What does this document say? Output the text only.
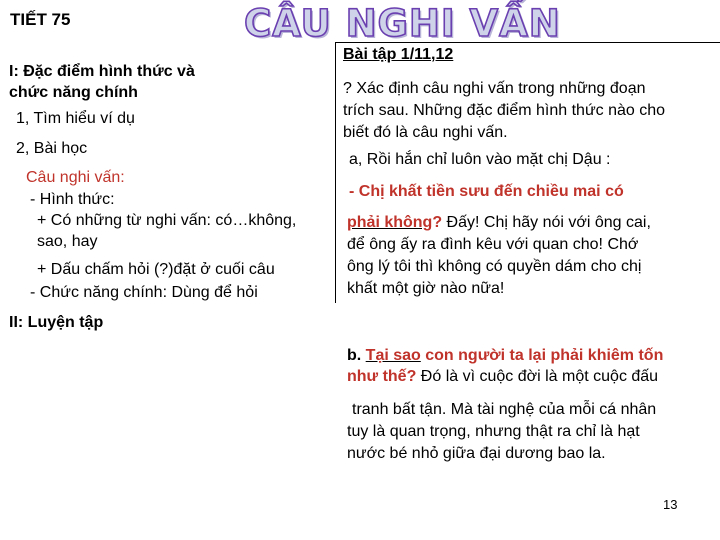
TIẾT 75	CÂU NGHI VẤN
I: Đặc điểm hình thức và
chức năng chính
1, Tìm hiểu ví dụ
2, Bài học
Câu nghi vấn:
- Hình thức:
+ Có những từ nghi vấn: có…không,
sao, hay
+ Dấu chấm hỏi (?)đặt ở cuối câu
- Chức năng chính: Dùng để hỏi
II: Luyện tập
Bài tập 1/11,12
? Xác định câu nghi vấn trong những đoạn
trích sau. Những đặc điểm hình thức nào cho
biết đó là câu nghi vấn.
a, Rồi hắn chỉ luôn vào mặt chị Dậu :
- Chị khất tiền sưu đến chiều mai có
phải không? Đấy! Chị hãy nói với ông cai,
để ông ấy ra đình kêu với quan cho! Chớ
ông lý tôi thì không có quyền dám cho chị
khất một giờ nào nữa!
b. Tại sao con người ta lại phải khiêm tốn
như thế? Đó là vì cuộc đời là một cuộc đấu
tranh bất tận. Mà tài nghệ của mỗi cá nhân
tuy là quan trọng, nhưng thật ra chỉ là hạt
nước bé nhỏ giữa đại dương bao la.
13
